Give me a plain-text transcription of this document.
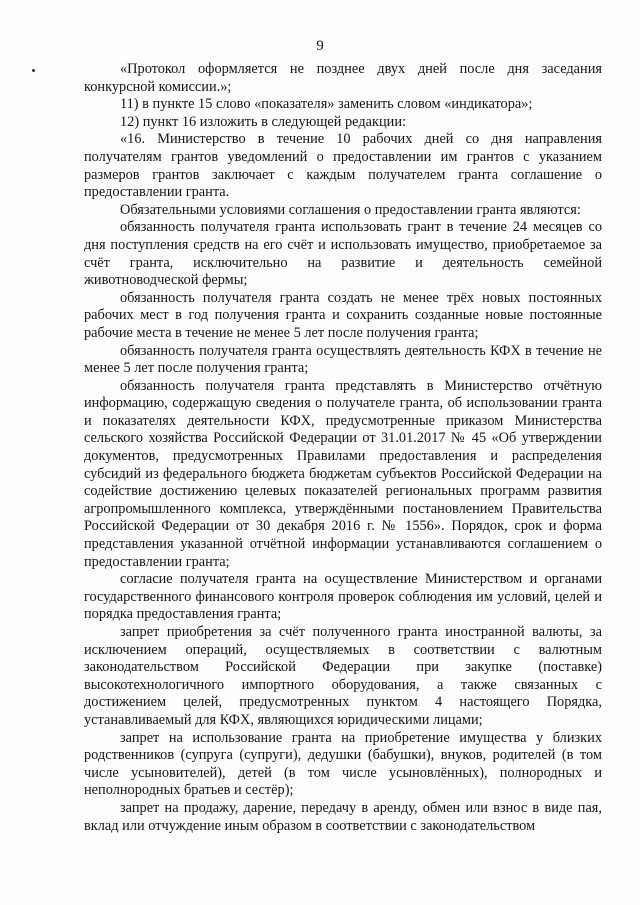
9

«Протокол оформляется не позднее двух дней после дня заседания конкурсной комиссии.»;

11) в пункте 15 слово «показателя» заменить словом «индикатора»;

12) пункт 16 изложить в следующей редакции:

«16. Министерство в течение 10 рабочих дней со дня направления получателям грантов уведомлений о предоставлении им грантов с указанием размеров грантов заключает с каждым получателем гранта соглашение о предоставлении гранта.

Обязательными условиями соглашения о предоставлении гранта являются:

обязанность получателя гранта использовать грант в течение 24 месяцев со дня поступления средств на его счёт и использовать имущество, приобретаемое за счёт гранта, исключительно на развитие и деятельность семейной животноводческой фермы;

обязанность получателя гранта создать не менее трёх новых постоянных рабочих мест в год получения гранта и сохранить созданные новые постоянные рабочие места в течение не менее 5 лет после получения гранта;

обязанность получателя гранта осуществлять деятельность КФХ в течение не менее 5 лет после получения гранта;

обязанность получателя гранта представлять в Министерство отчётную информацию, содержащую сведения о получателе гранта, об использовании гранта и показателях деятельности КФХ, предусмотренные приказом Министерства сельского хозяйства Российской Федерации от 31.01.2017 № 45 «Об утверждении документов, предусмотренных Правилами предоставления и распределения субсидий из федерального бюджета бюджетам субъектов Российской Федерации на содействие достижению целевых показателей региональных программ развития агропромышленного комплекса, утверждёнными постановлением Правительства Российской Федерации от 30 декабря 2016 г. № 1556». Порядок, срок и форма представления указанной отчётной информации устанавливаются соглашением о предоставлении гранта;

согласие получателя гранта на осуществление Министерством и органами государственного финансового контроля проверок соблюдения им условий, целей и порядка предоставления гранта;

запрет приобретения за счёт полученного гранта иностранной валюты, за исключением операций, осуществляемых в соответствии с валютным законодательством Российской Федерации при закупке (поставке) высокотехнологичного импортного оборудования, а также связанных с достижением целей, предусмотренных пунктом 4 настоящего Порядка, устанавливаемый для КФХ, являющихся юридическими лицами;

запрет на использование гранта на приобретение имущества у близких родственников (супруга (супруги), дедушки (бабушки), внуков, родителей (в том числе усыновителей), детей (в том числе усыновлённых), полнородных и неполнородных братьев и сестёр);

запрет на продажу, дарение, передачу в аренду, обмен или взнос в виде пая, вклад или отчуждение иным образом в соответствии с законодательством
